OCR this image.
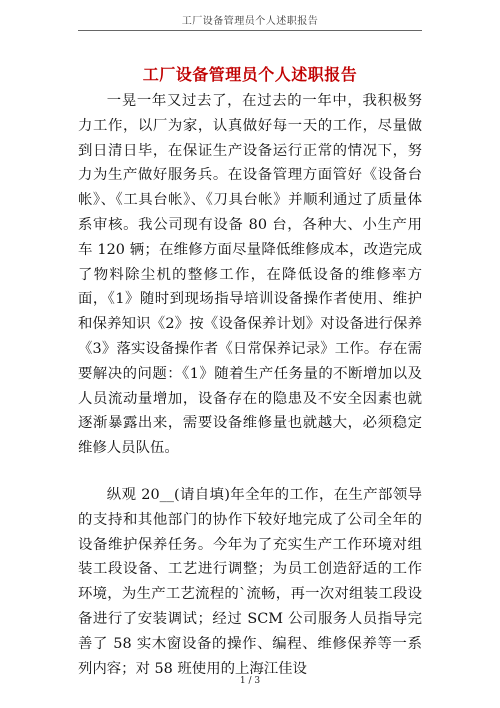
工厂设备管理员个人述职报告
工厂设备管理员个人述职报告

一晃一年又过去了，在过去的一年中，我积极努力工作，以厂为家，认真做好每一天的工作，尽量做到日清日毕，在保证生产设备运行正常的情况下，努力为生产做好服务兵。在设备管理方面管好《设备台帐》、《工具台帐》、《刀具台帐》并顺利通过了质量体系审核。我公司现有设备 80 台，各种大、小生产用车 120 辆；在维修方面尽量降低维修成本，改造完成了物料除尘机的整修工作，在降低设备的维修率方面，《1》随时到现场指导培训设备操作者使用、维护和保养知识《2》按《设备保养计划》对设备进行保养《3》落实设备操作者《日常保养记录》工作。存在需要解决的问题：《1》随着生产任务量的不断增加以及人员流动量增加，设备存在的隐患及不安全因素也就逐渐暴露出来，需要设备维修量也就越大，必须稳定维修人员队伍。

纵观 20__(请自填)年全年的工作，在生产部领导的支持和其他部门的协作下较好地完成了公司全年的设备维护保养任务。今年为了充实生产工作环境对组装工段设备、工艺进行调整；为员工创造舒适的工作环境，为生产工艺流程的`流畅，再一次对组装工段设备进行了安装调试；经过 SCM 公司服务人员指导完善了 58 实木窗设备的操作、编程、维修保养等一系列内容；对 58 班使用的上海江佳设

1 / 3
